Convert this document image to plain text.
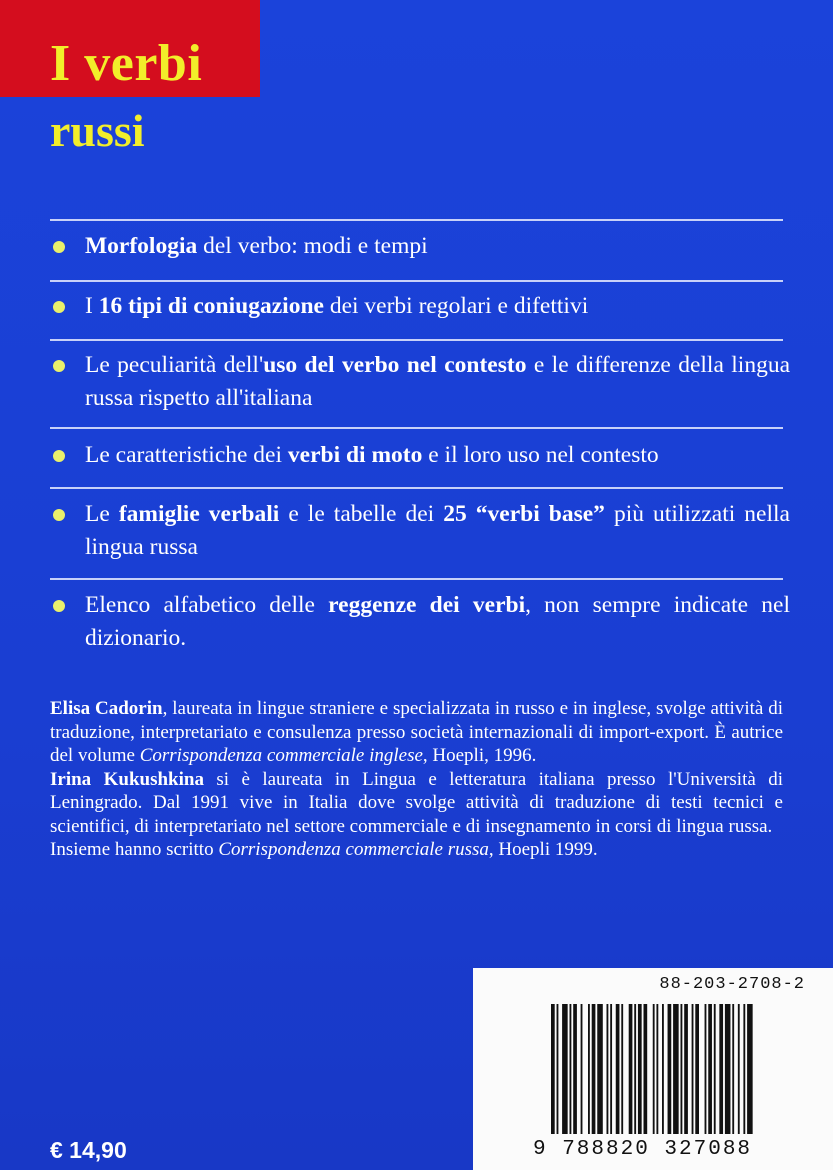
I verbi
russi
Morfologia del verbo: modi e tempi
I 16 tipi di coniugazione dei verbi regolari e difettivi
Le peculiarità dell'uso del verbo nel contesto e le differenze della lingua russa rispetto all'italiana
Le caratteristiche dei verbi di moto e il loro uso nel contesto
Le famiglie verbali e le tabelle dei 25 “verbi base” più utilizzati nella lingua russa
Elenco alfabetico delle reggenze dei verbi, non sempre indicate nel dizionario.
Elisa Cadorin, laureata in lingue straniere e specializzata in russo e in inglese, svolge attività di traduzione, interpretariato e consulenza presso società internazionali di import-export. È autrice del volume Corrispondenza commerciale inglese, Hoepli, 1996.
Irina Kukushkina si è laureata in Lingua e letteratura italiana presso l'Università di Leningrado. Dal 1991 vive in Italia dove svolge attività di traduzione di testi tecnici e scientifici, di interpretariato nel settore commerciale e di insegnamento in corsi di lingua russa.
Insieme hanno scritto Corrispondenza commerciale russa, Hoepli 1999.
88-203-2708-2
9 788820 327088
€ 14,90
